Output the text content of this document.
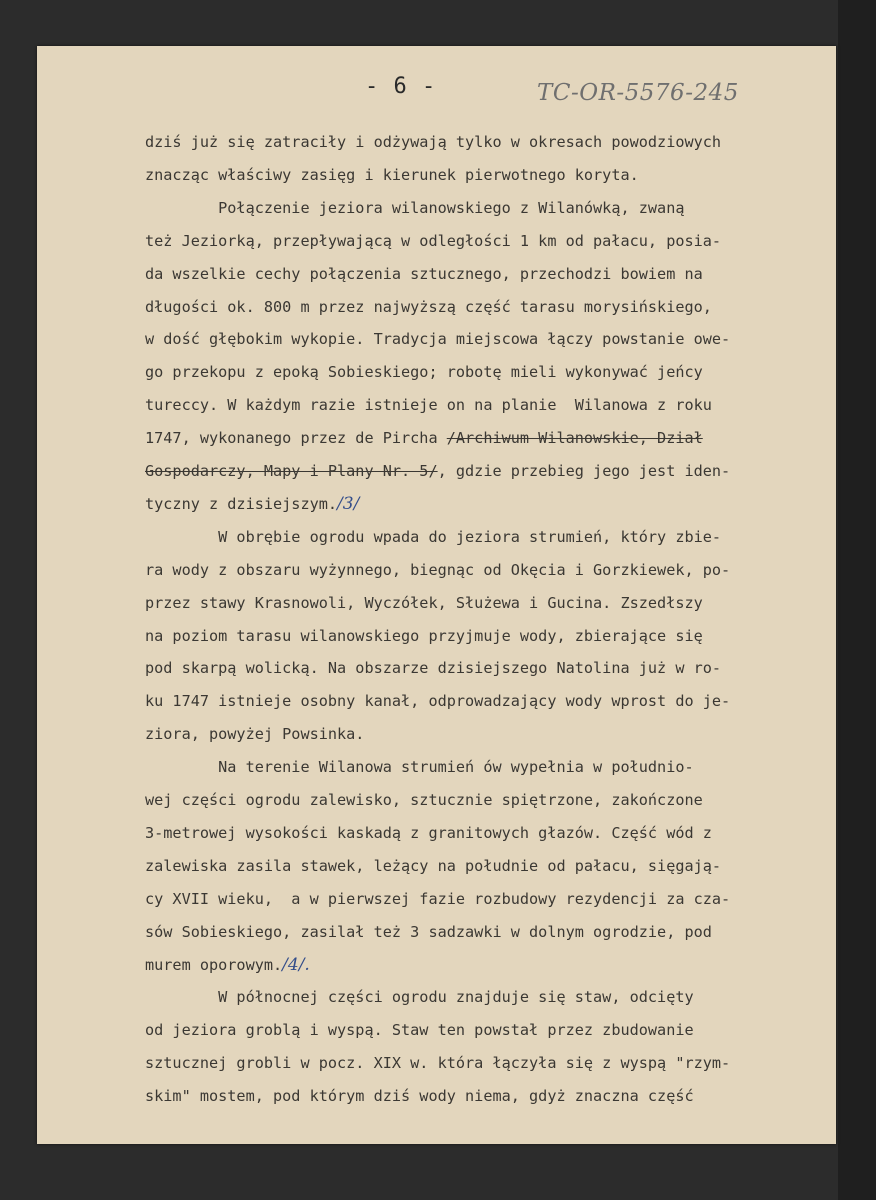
- 6 -	TC-OR-5576-245
dziś już się zatraciły i odżywają tylko w okresach powodziowych
znacząc właściwy zasięg i kierunek pierwotnego koryta.
Połączenie jeziora wilanowskiego z Wilanówką, zwaną
też Jeziorką, przepływającą w odległości 1 km od pałacu, posia-
da wszelkie cechy połączenia sztucznego, przechodzi bowiem na
długości ok. 800 m przez najwyższą część tarasu morysińskiego,
w dość głębokim wykopie. Tradycja miejscowa łączy powstanie owe-
go przekopu z epoką Sobieskiego; robotę mieli wykonywać jeńcy
tureccy. W każdym razie istnieje on na planie  Wilanowa z roku
1747, wykonanego przez de Pircha /Archiwum Wilanowskie, Dział
Gospodarczy, Mapy i Plany Nr. 5/, gdzie przebieg jego jest iden-
tyczny z dzisiejszym./3/
W obrębie ogrodu wpada do jeziora strumień, który zbie-
ra wody z obszaru wyżynnego, biegnąc od Okęcia i Gorzkiewek, po-
przez stawy Krasnowoli, Wyczółek, Służewa i Gucina. Zszedłszy
na poziom tarasu wilanowskiego przyjmuje wody, zbierające się
pod skarpą wolicką. Na obszarze dzisiejszego Natolina już w ro-
ku 1747 istnieje osobny kanał, odprowadzający wody wprost do je-
ziora, powyżej Powsinka.
Na terenie Wilanowa strumień ów wypełnia w południo-
wej części ogrodu zalewisko, sztucznie spiętrzone, zakończone
3-metrowej wysokości kaskadą z granitowych głazów. Część wód z
zalewiska zasila stawek, leżący na południe od pałacu, sięgają-
cy XVII wieku,  a w pierwszej fazie rozbudowy rezydencji za cza-
sów Sobieskiego, zasilał też 3 sadzawki w dolnym ogrodzie, pod
murem oporowym./4/.
W północnej części ogrodu znajduje się staw, odcięty
od jeziora groblą i wyspą. Staw ten powstał przez zbudowanie
sztucznej grobli w pocz. XIX w. która łączyła się z wyspą "rzym-
skim" mostem, pod którym dziś wody niema, gdyż znaczna część
